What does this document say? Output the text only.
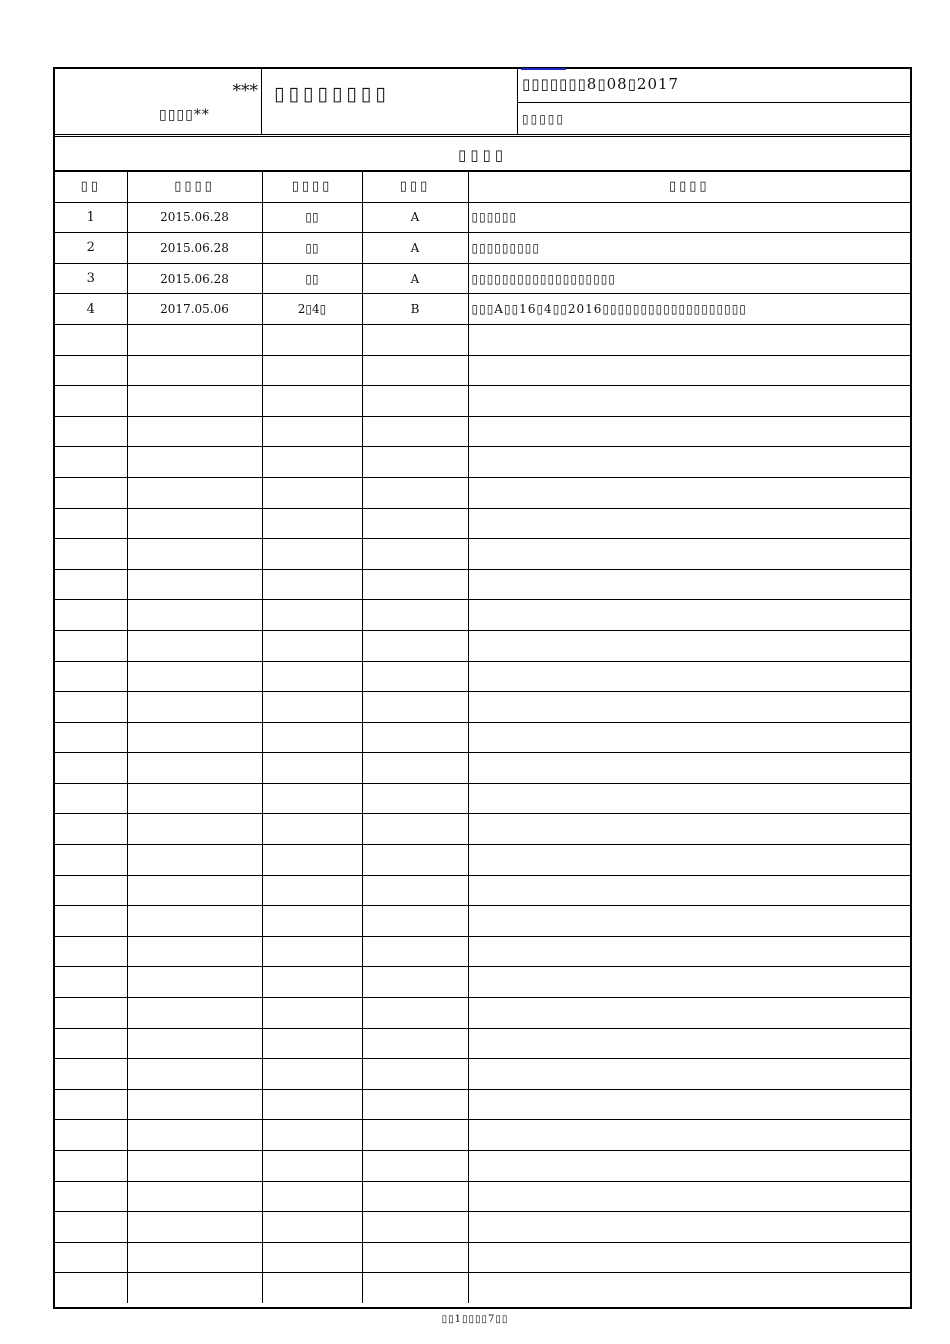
***
▯▯▯▯**
▯▯▯▯▯▯▯▯	▯▯▯▯▯▯▯8▯08▯2017
▯▯▯▯▯
▯▯▯▯
▯▯	▯▯▯▯	▯▯▯▯	▯▯▯	▯▯▯▯
1	2015.06.28	▯▯	A	▯▯▯▯▯▯
2	2015.06.28	▯▯	A	▯▯▯▯▯▯▯▯▯
3	2015.06.28	▯▯	A	▯▯▯▯▯▯▯▯▯▯▯▯▯▯▯▯▯▯▯
4	2017.05.06	2▯4▯	B	▯▯▯A▯▯16▯4▯▯2016▯▯▯▯▯▯▯▯▯▯▯▯▯▯▯▯▯▯▯

▯▯1▯▯▯▯7▯▯
